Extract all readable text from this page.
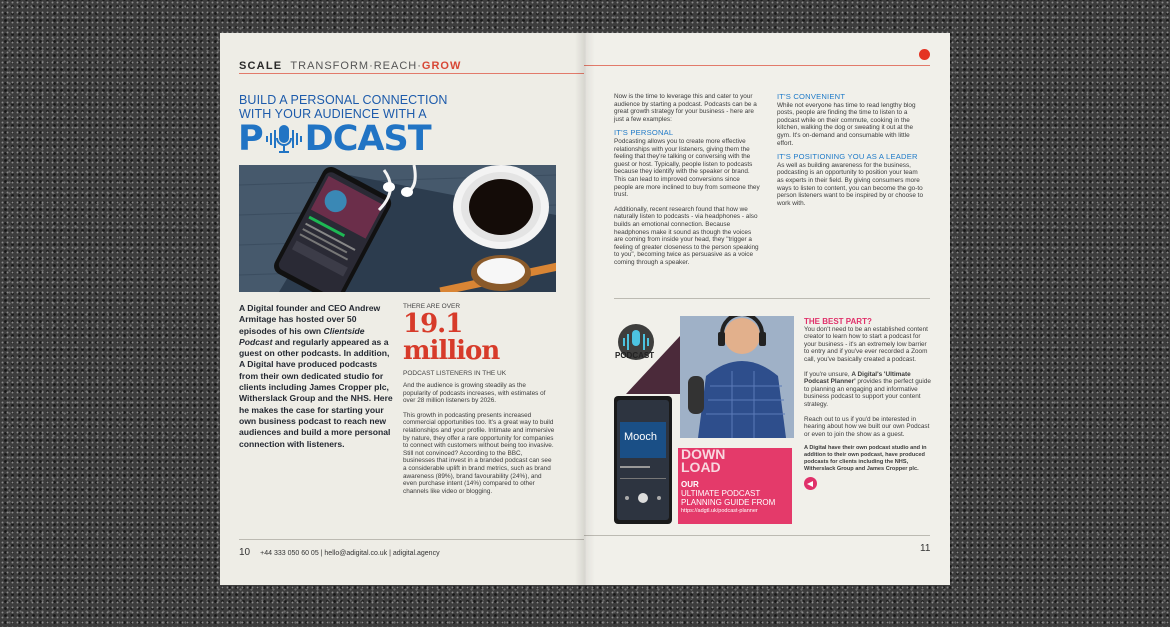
SCALE TRANSFORM·REACH·GROW
BUILD A PERSONAL CONNECTION
WITH YOUR AUDIENCE WITH A
P DCAST
A Digital founder and CEO Andrew Armitage has hosted over 50 episodes of his own Clientside Podcast and regularly appeared as a guest on other podcasts. In addition, A Digital have produced podcasts from their own dedicated studio for clients including James Cropper plc, Witherslack Group and the NHS. Here he makes the case for starting your own business podcast to reach new audiences and build a more personal connection with listeners.
THERE ARE OVER
19.1
million
PODCAST LISTENERS IN THE UK

And the audience is growing steadily as the popularity of podcasts increases, with estimates of over 28 million listeners by 2026.

This growth in podcasting presents increased commercial opportunities too. It's a great way to build relationships and your profile. Intimate and immersive by nature, they offer a rare opportunity for companies to connect with customers without being too invasive.

Still not convinced? According to the BBC, businesses that invest in a branded podcast can see a considerable uplift in brand metrics, such as brand awareness (89%), brand favourability (24%), and even purchase intent (14%) compared to other channels like video or blogging.

10 +44 333 050 60 05 | hello@adigital.co.uk | adigital.agency

Now is the time to leverage this and cater to your audience by starting a podcast. Podcasts can be a great growth strategy for your business - here are just a few examples:

IT'S PERSONAL

Podcasting allows you to create more effective relationships with your listeners, giving them the feeling that they're talking or conversing with the guest or host. Typically, people listen to podcasts because they identify with the speaker or brand. This can lead to improved conversions since people are more inclined to buy from someone they trust.

Additionally, recent research found that how we naturally listen to podcasts - via headphones - also builds an emotional connection. Because headphones make it sound as though the voices are coming from inside your head, they "trigger a feeling of greater closeness to the person speaking to you", becoming twice as persuasive as a voice coming through a speaker.

IT'S CONVENIENT

While not everyone has time to read lengthy blog posts, people are finding the time to listen to a podcast while on their commute, cooking in the kitchen, walking the dog or sweating it out at the gym. It's on-demand and consumable with little effort.

IT'S POSITIONING YOU AS A LEADER

As well as building awareness for the business, podcasting is an opportunity to position your team as experts in their field. By giving consumers more ways to listen to content, you can become the go-to person listeners want to be inspired by or choose to work with.

PODCAST
Mooch
DOWN
LOAD
OUR
ULTIMATE PODCAST
PLANNING GUIDE FROM
https://adgtl.uk/podcast-planner
THE BEST PART?

You don't need to be an established content creator to learn how to start a podcast for your business - it's an extremely low barrier to entry and if you've ever recorded a Zoom call, you've basically created a podcast.

If you're unsure, A Digital's 'Ultimate Podcast Planner' provides the perfect guide to planning an engaging and informative business podcast to support your content strategy.

Reach out to us if you'd be interested in hearing about how we built our own Podcast or even to join the show as a guest.

A Digital have their own podcast studio and in addition to their own podcast, have produced podcasts for clients including the NHS, Witherslack Group and James Cropper plc.

11
